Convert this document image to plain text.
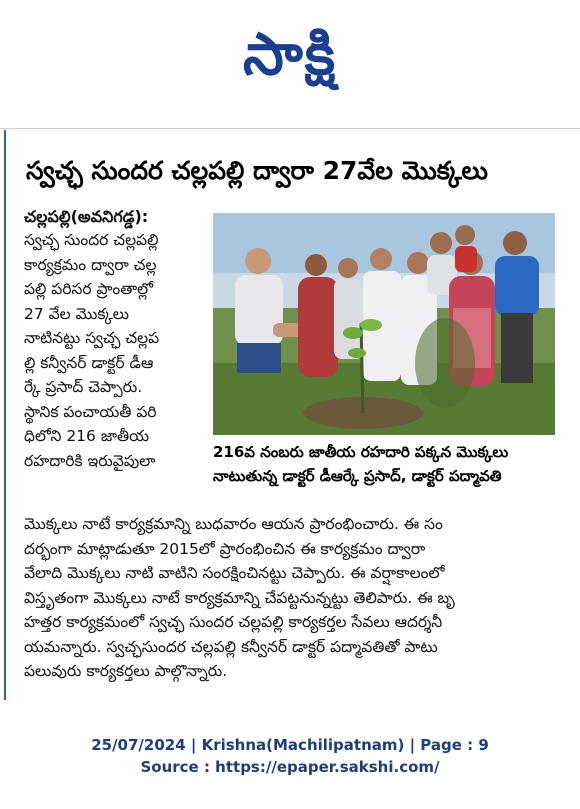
సాక్షి
స్వచ్ఛ సుందర చల్లపల్లి ద్వారా 27వేల మొక్కలు
చల్లపల్లి(అవనిగడ్డ):

స్వచ్ఛ సుందర చల్లపల్లి

కార్యక్రమం ద్వారా చల్ల

పల్లి పరిసర ప్రాంతాల్లో

27 వేల మొక్కలు

నాటినట్టు స్వచ్ఛ చల్లప

ల్లి కన్వీనర్ డాక్టర్ డీఆ

ర్కే ప్రసాద్ చెప్పారు.

స్థానిక పంచాయతీ పరి

ధిలోని 216 జాతీయ

రహదారికి ఇరువైపులా	216వ నంబరు జాతీయ రహదారి పక్కన మొక్కలు
నాటుతున్న డాక్టర్ డీఆర్కే ప్రసాద్, డాక్టర్ పద్మావతి

మొక్కలు నాటే కార్యక్రమాన్ని బుధవారం ఆయన ప్రారంభించారు. ఈ సం

దర్భంగా మాట్లాడుతూ 2015లో ప్రారంభించిన ఈ కార్యక్రమం ద్వారా

వేలాది మొక్కలు నాటి వాటిని సంరక్షించినట్టు చెప్పారు. ఈ వర్షాకాలంలో

విస్తృతంగా మొక్కలు నాటే కార్యక్రమాన్ని చేపట్టనున్నట్టు తెలిపారు. ఈ బృ

హత్తర కార్యక్రమంలో స్వచ్ఛ సుందర చల్లపల్లి కార్యకర్తల సేవలు ఆదర్శనీ

యమన్నారు. స్వచ్ఛసుందర చల్లపల్లి కన్వీనర్ డాక్టర్ పద్మావతితో పాటు

పలువురు కార్యకర్తలు పాల్గొన్నారు.

25/07/2024 | Krishna(Machilipatnam) | Page : 9
Source : https://epaper.sakshi.com/
